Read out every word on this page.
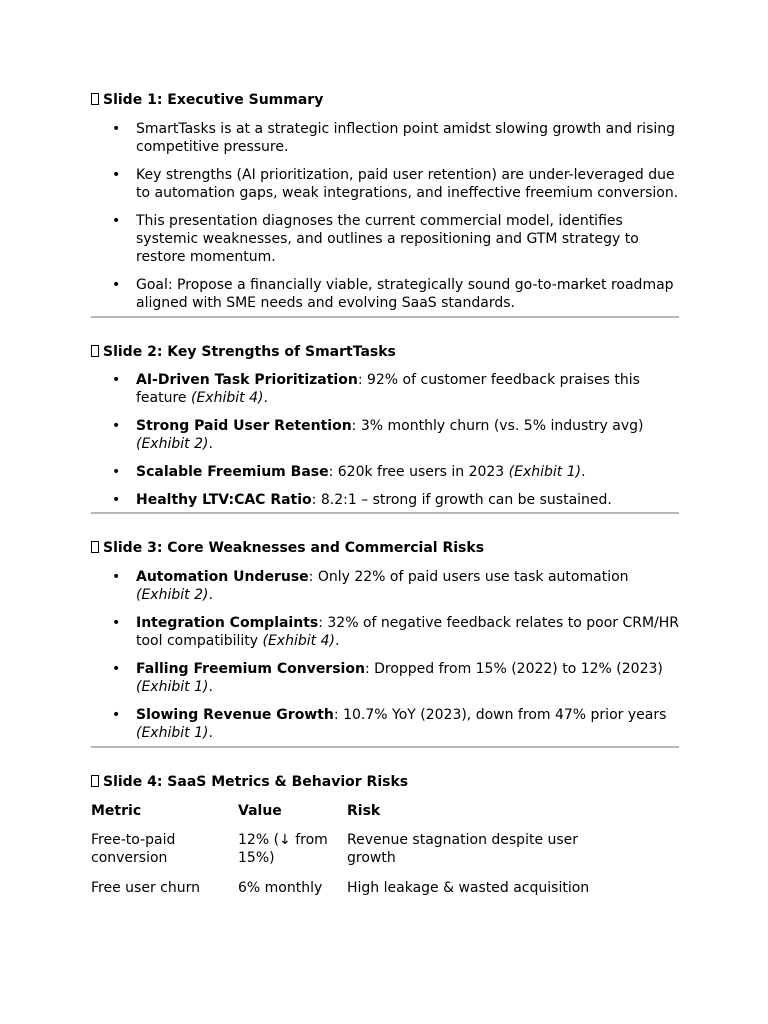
Slide 1: Executive Summary

• SmartTasks is at a strategic inflection point amidst slowing growth and rising competitive pressure.
• Key strengths (AI prioritization, paid user retention) are under-leveraged due to automation gaps, weak integrations, and ineffective freemium conversion.
• This presentation diagnoses the current commercial model, identifies systemic weaknesses, and outlines a repositioning and GTM strategy to restore momentum.
• Goal: Propose a financially viable, strategically sound go-to-market roadmap aligned with SME needs and evolving SaaS standards.

Slide 2: Key Strengths of SmartTasks

• AI-Driven Task Prioritization: 92% of customer feedback praises this feature (Exhibit 4).
• Strong Paid User Retention: 3% monthly churn (vs. 5% industry avg) (Exhibit 2).
• Scalable Freemium Base: 620k free users in 2023 (Exhibit 1).
• Healthy LTV:CAC Ratio: 8.2:1 – strong if growth can be sustained.

Slide 3: Core Weaknesses and Commercial Risks

• Automation Underuse: Only 22% of paid users use task automation (Exhibit 2).
• Integration Complaints: 32% of negative feedback relates to poor CRM/HR tool compatibility (Exhibit 4).
• Falling Freemium Conversion: Dropped from 15% (2022) to 12% (2023) (Exhibit 1).
• Slowing Revenue Growth: 10.7% YoY (2023), down from 47% prior years (Exhibit 1).

Slide 4: SaaS Metrics & Behavior Risks

Metric	Value	Risk
Free-to-paid conversion	12% (↓ from 15%)	Revenue stagnation despite user growth
Free user churn	6% monthly	High leakage & wasted acquisition
